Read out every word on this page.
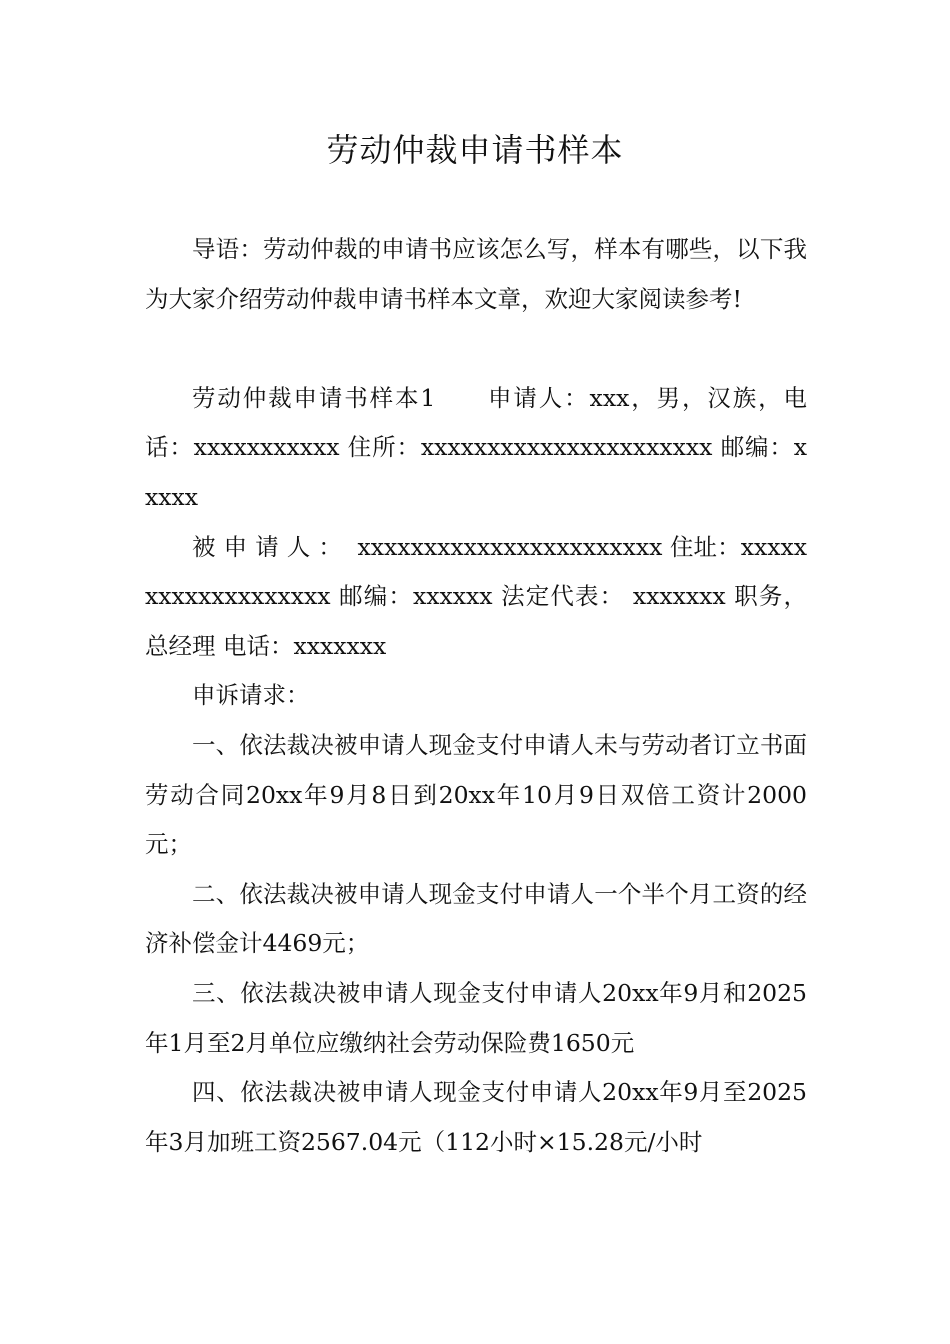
劳动仲裁申请书样本

导语：劳动仲裁的申请书应该怎么写，样本有哪些，以下我为大家介绍劳动仲裁申请书样本文章，欢迎大家阅读参考!

劳动仲裁申请书样本1　　申请人：xxx，男，汉族，电话：xxxxxxxxxxx 住所：xxxxxxxxxxxxxxxxxxxxxx 邮编：xxxxx

被申请人： xxxxxxxxxxxxxxxxxxxxxxx 住址：xxxxxxxxxxxxxxxxxxx 邮编：xxxxxx 法定代表： xxxxxxx 职务，总经理 电话：xxxxxxx

申诉请求：

一、依法裁决被申请人现金支付申请人未与劳动者订立书面劳动合同20xx年9月8日到20xx年10月9日双倍工资计2000元；

二、依法裁决被申请人现金支付申请人一个半个月工资的经济补偿金计4469元；

三、依法裁决被申请人现金支付申请人20xx年9月和2025年1月至2月单位应缴纳社会劳动保险费1650元

四、依法裁决被申请人现金支付申请人20xx年9月至2025年3月加班工资2567.04元（112小时×15.28元/小时
